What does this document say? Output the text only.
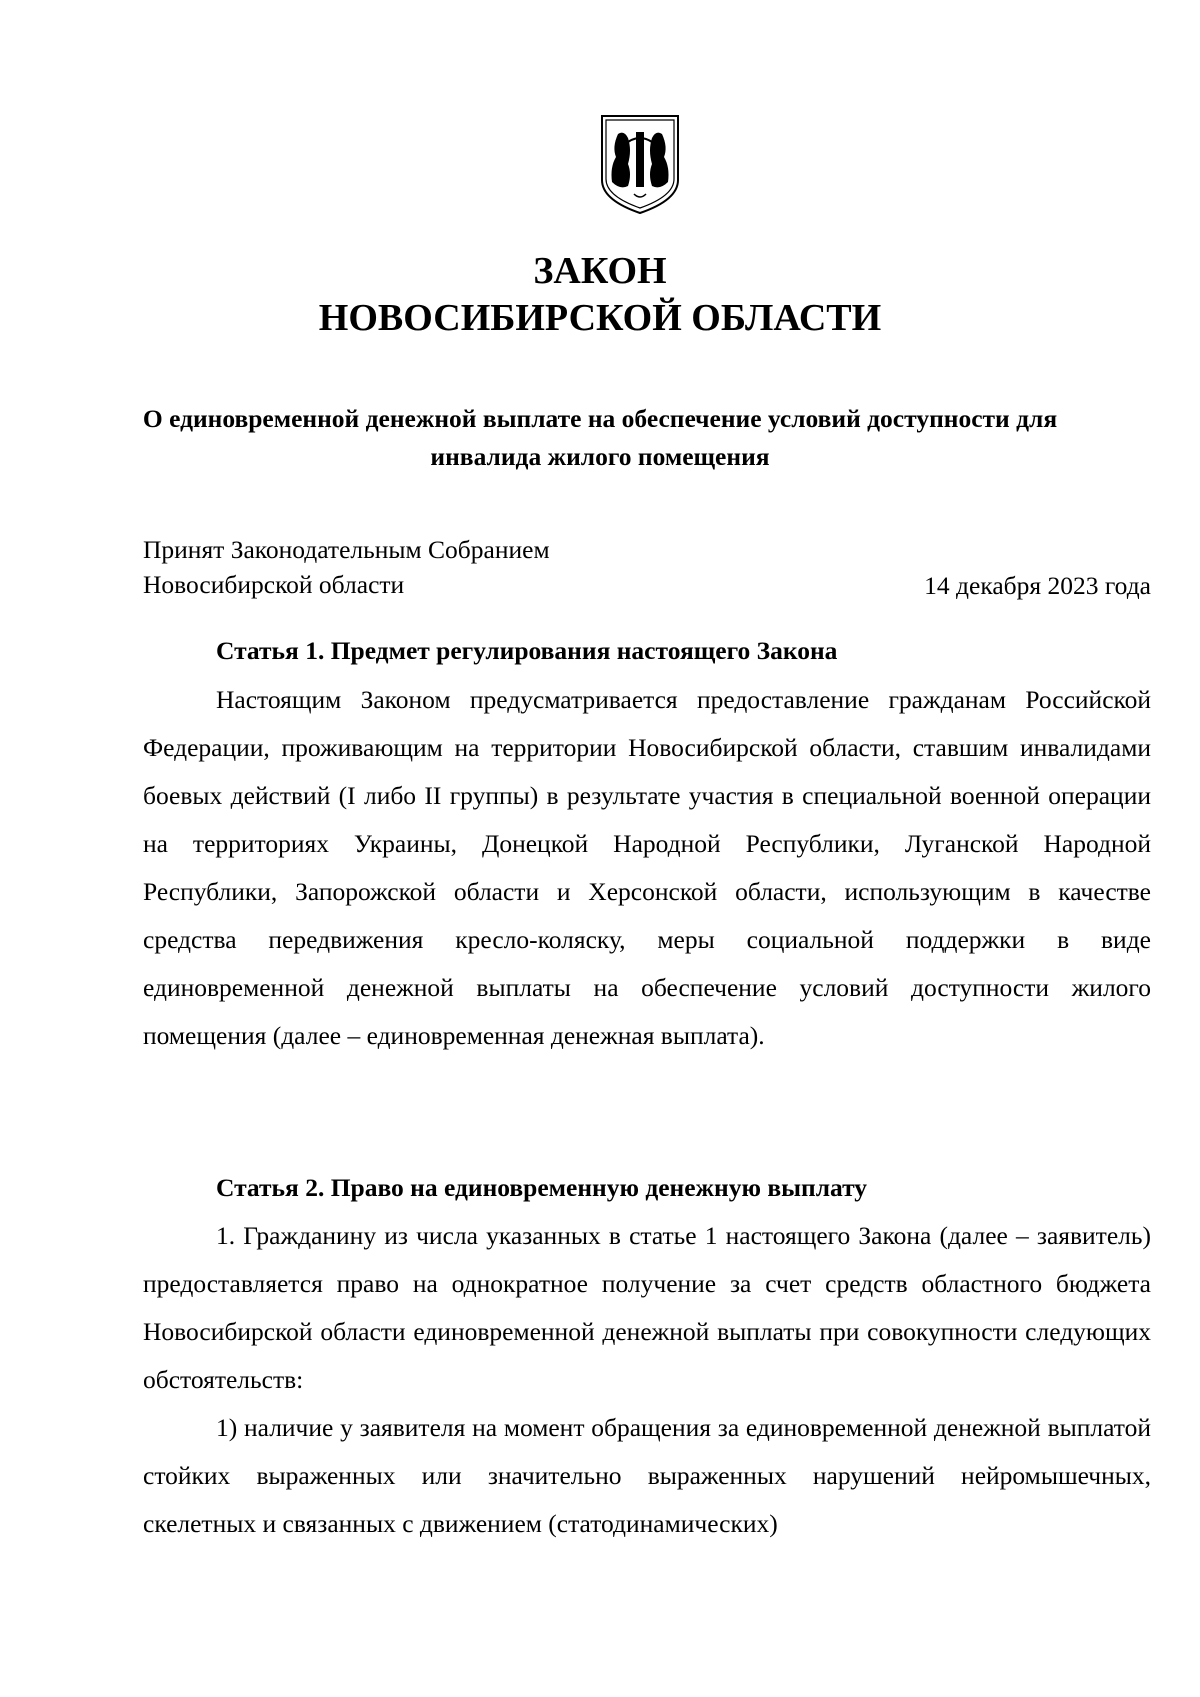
ЗАКОН
НОВОСИБИРСКОЙ ОБЛАСТИ
О единовременной денежной выплате на обеспечение условий доступности для инвалида жилого помещения
Принят Законодательным Собранием
Новосибирской области	14 декабря 2023 года
Статья 1. Предмет регулирования настоящего Закона

Настоящим Законом предусматривается предоставление гражданам Российской Федерации, проживающим на территории Новосибирской области, ставшим инвалидами боевых действий (I либо II группы) в результате участия в специальной военной операции на территориях Украины, Донецкой Народной Республики, Луганской Народной Республики, Запорожской области и Херсонской области, использующим в качестве средства передвижения кресло-коляску, меры социальной поддержки в виде единовременной денежной выплаты на обеспечение условий доступности жилого помещения (далее – единовременная денежная выплата).

Статья 2. Право на единовременную денежную выплату

1. Гражданину из числа указанных в статье 1 настоящего Закона (далее – заявитель) предоставляется право на однократное получение за счет средств областного бюджета Новосибирской области единовременной денежной выплаты при совокупности следующих обстоятельств:

1) наличие у заявителя на момент обращения за единовременной денежной выплатой стойких выраженных или значительно выраженных нарушений нейромышечных, скелетных и связанных с движением (статодинамических)
